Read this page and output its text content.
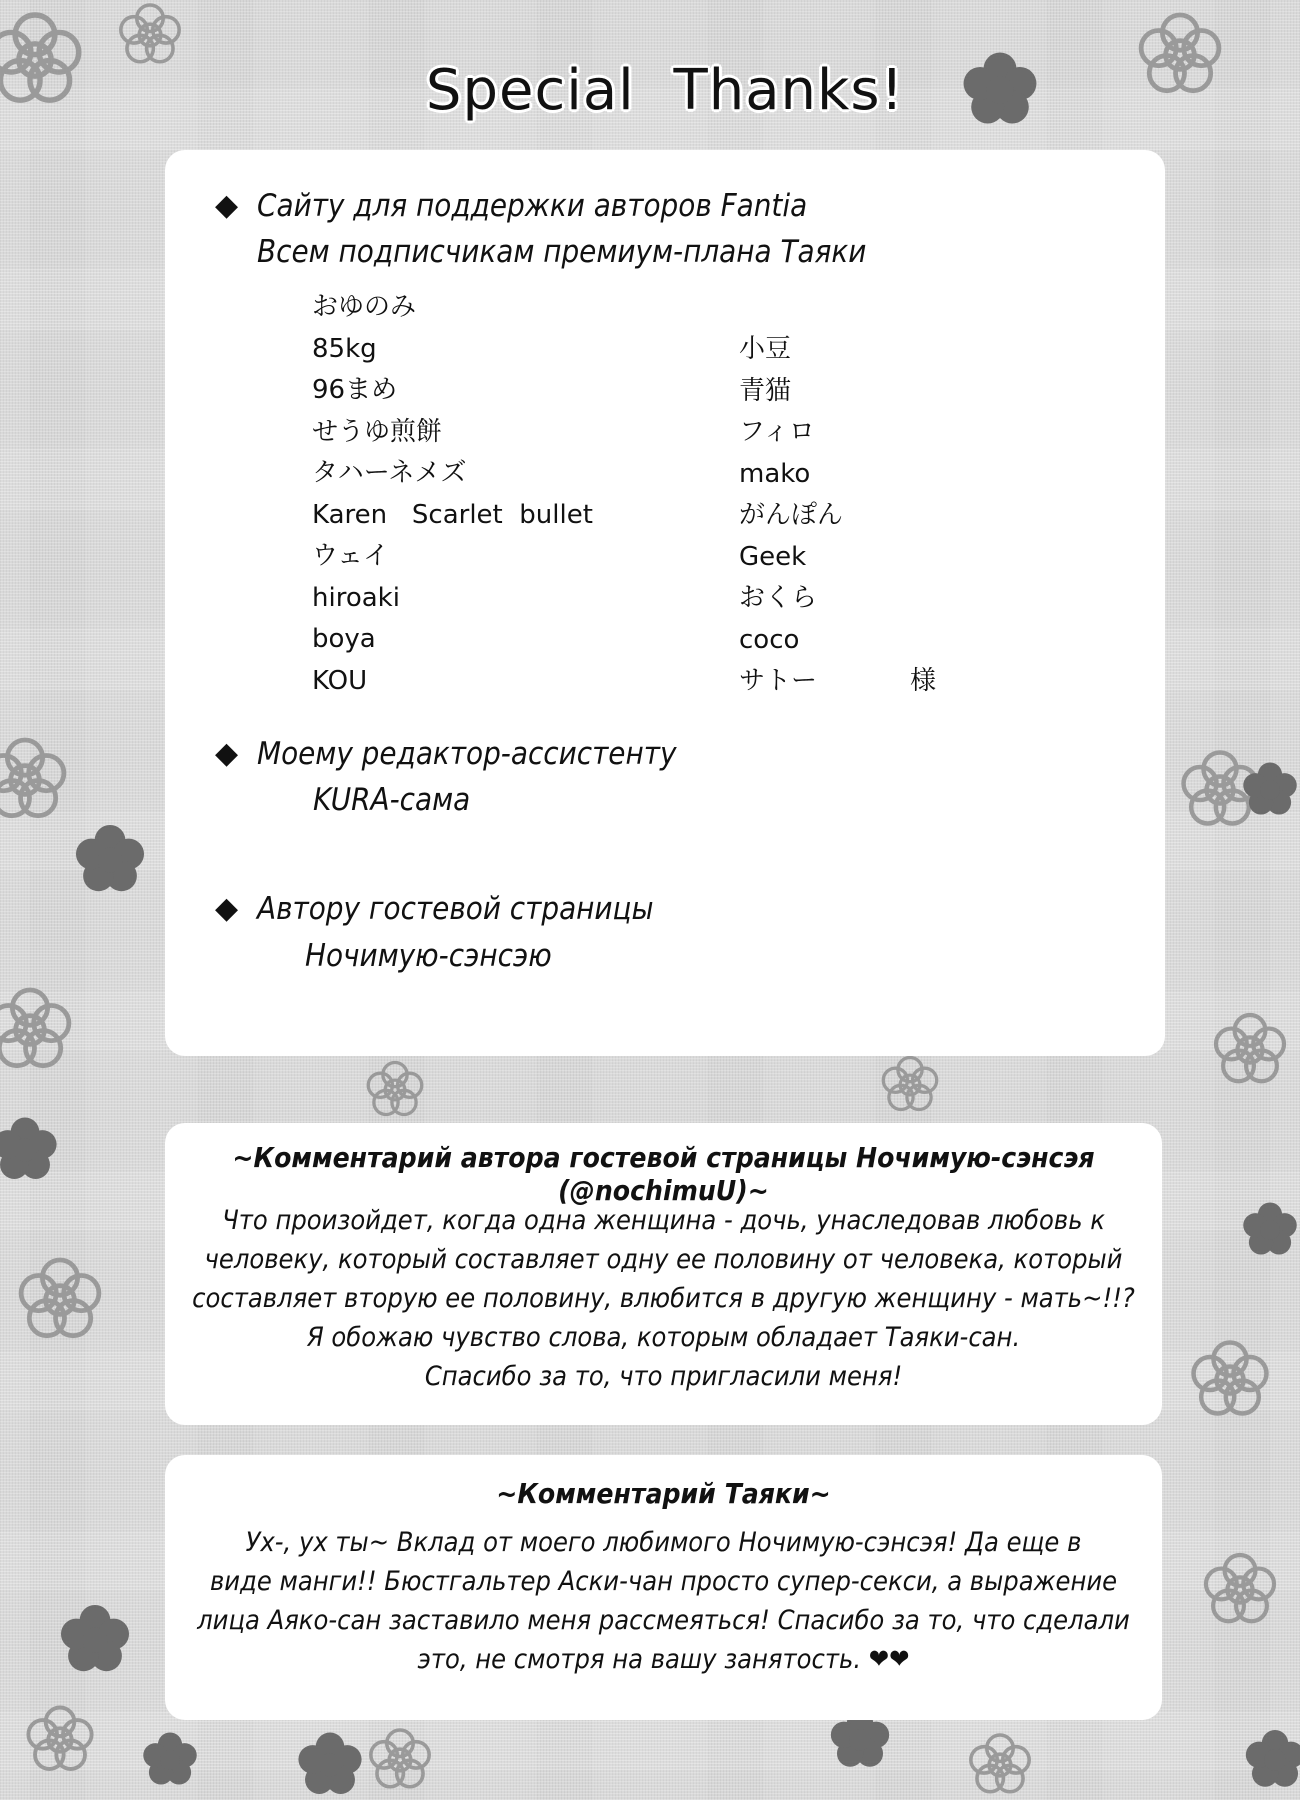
Special Thanks!
◆ Сайту для поддержки авторов Fantia
Всем подписчикам премиум-плана Таяки
おゆのみ
85kg
96まめ
せうゆ煎餅
タハーネメズ
Karen   Scarlet  bullet
ウェイ
hiroaki
boya
KOU
小豆
青猫
フィロ
mako
がんぽん
Geek
おくら
coco
サトー	様
◆ Моему редактор-ассистенту
KURA-сама
◆ Автору гостевой страницы
Ночимую-сэнсэю
~Комментарий автора гостевой страницы Ночимую-сэнсэя (@nochimuU)~
Что произойдет, когда одна женщина - дочь, унаследовав любовь к
человеку, который составляет одну ее половину от человека, который
составляет вторую ее половину, влюбится в другую женщину - мать~!!?
Я обожаю чувство слова, которым обладает Таяки-сан.
Спасибо за то, что пригласили меня!
~Комментарий Таяки~
Ух-, ух ты~ Вклад от моего любимого Ночимую-сэнсэя! Да еще в
виде манги!! Бюстгальтер Аски-чан просто супер-секси, а выражение
лица Аяко-сан заставило меня рассмеяться! Спасибо за то, что сделали
это, не смотря на вашу занятость. ❤❤
